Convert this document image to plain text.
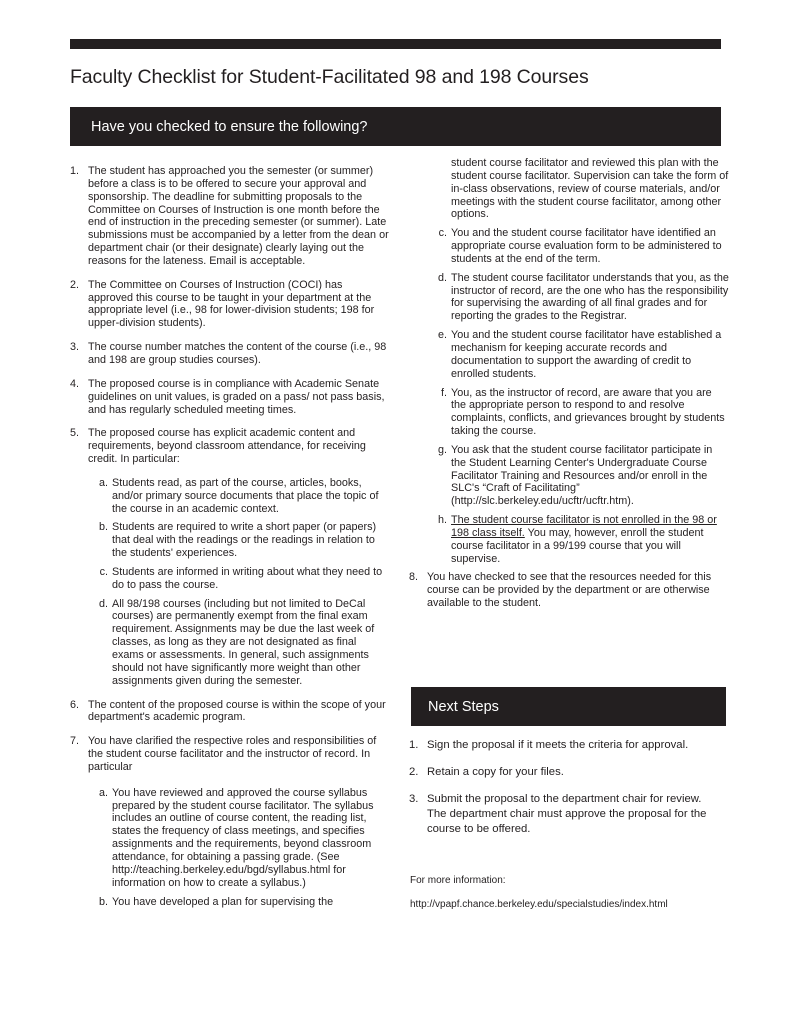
Faculty Checklist for Student-Facilitated 98 and 198 Courses
Have you checked to ensure the following?
1. The student has approached you the semester (or summer) before a class is to be offered to secure your approval and sponsorship. The deadline for submitting proposals to the Committee on Courses of Instruction is one month before the end of instruction in the preceding semester (or summer). Late submissions must be accompanied by a letter from the dean or department chair (or their designate) clearly laying out the reasons for the lateness. Email is acceptable.
2. The Committee on Courses of Instruction (COCI) has approved this course to be taught in your department at the appropriate level (i.e., 98 for lower-division students; 198 for upper-division students).
3. The course number matches the content of the course (i.e., 98 and 198 are group studies courses).
4. The proposed course is in compliance with Academic Senate guidelines on unit values, is graded on a pass/ not pass basis, and has regularly scheduled meeting times.
5. The proposed course has explicit academic content and requirements, beyond classroom attendance, for receiving credit. In particular:
a. Students read, as part of the course, articles, books, and/or primary source documents that place the topic of the course in an academic context.
b. Students are required to write a short paper (or papers) that deal with the readings or the readings in relation to the students' experiences.
c. Students are informed in writing about what they need to do to pass the course.
d. All 98/198 courses (including but not limited to DeCal courses) are permanently exempt from the final exam requirement. Assignments may be due the last week of classes, as long as they are not designated as final exams or assessments. In general, such assignments should not have significantly more weight than other assignments given during the semester.
6. The content of the proposed course is within the scope of your department's academic program.
7. You have clarified the respective roles and responsibilities of the student course facilitator and the instructor of record. In particular
a. You have reviewed and approved the course syllabus prepared by the student course facilitator. The syllabus includes an outline of course content, the reading list, states the frequency of class meetings, and specifies assignments and the requirements, beyond classroom attendance, for obtaining a passing grade. (See http://teaching.berkeley.edu/bgd/syllabus.html for information on how to create a syllabus.)
b. You have developed a plan for supervising the
student course facilitator and reviewed this plan with the student course facilitator. Supervision can take the form of in-class observations, review of course materials, and/or meetings with the student course facilitator, among other options.
c. You and the student course facilitator have identified an appropriate course evaluation form to be administered to students at the end of the term.
d. The student course facilitator understands that you, as the instructor of record, are the one who has the responsibility for supervising the awarding of all final grades and for reporting the grades to the Registrar.
e. You and the student course facilitator have established a mechanism for keeping accurate records and documentation to support the awarding of credit to enrolled students.
f. You, as the instructor of record, are aware that you are the appropriate person to respond to and resolve complaints, conflicts, and grievances brought by students taking the course.
g. You ask that the student course facilitator participate in the Student Learning Center's Undergraduate Course Facilitator Training and Resources and/or enroll in the SLC's “Craft of Facilitating” (http://slc.berkeley.edu/ucftr/ucftr.htm).
h. The student course facilitator is not enrolled in the 98 or 198 class itself. You may, however, enroll the student course facilitator in a 99/199 course that you will supervise.
8. You have checked to see that the resources needed for this course can be provided by the department or are otherwise available to the student.
Next Steps
1. Sign the proposal if it meets the criteria for approval.
2. Retain a copy for your files.
3. Submit the proposal to the department chair for review. The department chair must approve the proposal for the course to be offered.
For more information:
http://vpapf.chance.berkeley.edu/specialstudies/index.html
